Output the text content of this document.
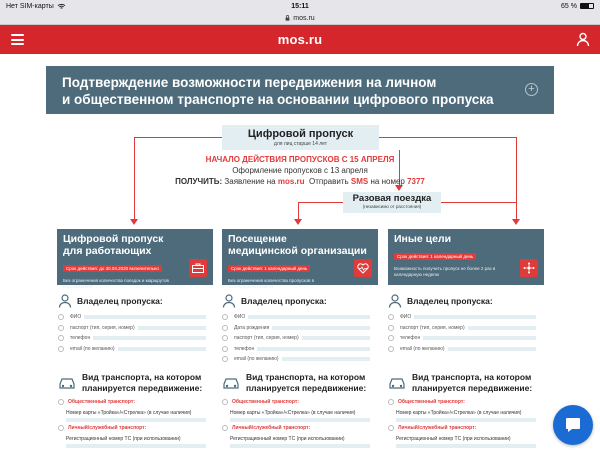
Нет SIM-карты	15:11	65 %
mos.ru
mos.ru
Подтверждение возможности передвижения на личном
и общественном транспорте на основании цифрового пропуска
+
Цифровой пропуск
для лиц старше 14 лет
НАЧАЛО ДЕЙСТВИЯ ПРОПУСКОВ С 15 АПРЕЛЯ
Оформление пропусков с 13 апреля
ПОЛУЧИТЬ: Заявление на mos.ru Отправить SMS на номер 7377
Разовая поездка
(независимо от расстояния)
Цифровой пропуск
для работающих
Срок действия: до 30.04.2020 включительно
Без ограничения количества поездок и маршрутов передвижения
Посещение
медицинской организации
Срок действия: 1 календарный день
Без ограничения количества пропусков в календарную неделю
Иные цели
Срок действия: 1 календарный день
Возможность получить пропуск не более 2 раз в календарную неделю
Владелец пропуска:	Владелец пропуска:	Владелец пропуска:
ФИО
паспорт (тип, серия, номер)
телефон
email (по желанию)
ФИО
Дата рождения
паспорт (тип, серия, номер)
телефон
email (по желанию)
ФИО
паспорт (тип, серия, номер)
телефон
email (по желанию)
Вид транспорта, на котором
планируется передвижение:
Вид транспорта, на котором
планируется передвижение:
Вид транспорта, на котором
планируется передвижение:
Общественный транспорт:
Номер карты «Тройка»/«Стрелка» (в случае наличия)
Личный/служебный транспорт:
Регистрационный номер ТС (при использовании)
Общественный транспорт:
Номер карты «Тройка»/«Стрелка» (в случае наличия)
Личный/служебный транспорт:
Регистрационный номер ТС (при использовании)
Общественный транспорт:
Номер карты «Тройка»/«Стрелка» (в случае наличия)
Личный/служебный транспорт:
Регистрационный номер ТС (при использовании)
